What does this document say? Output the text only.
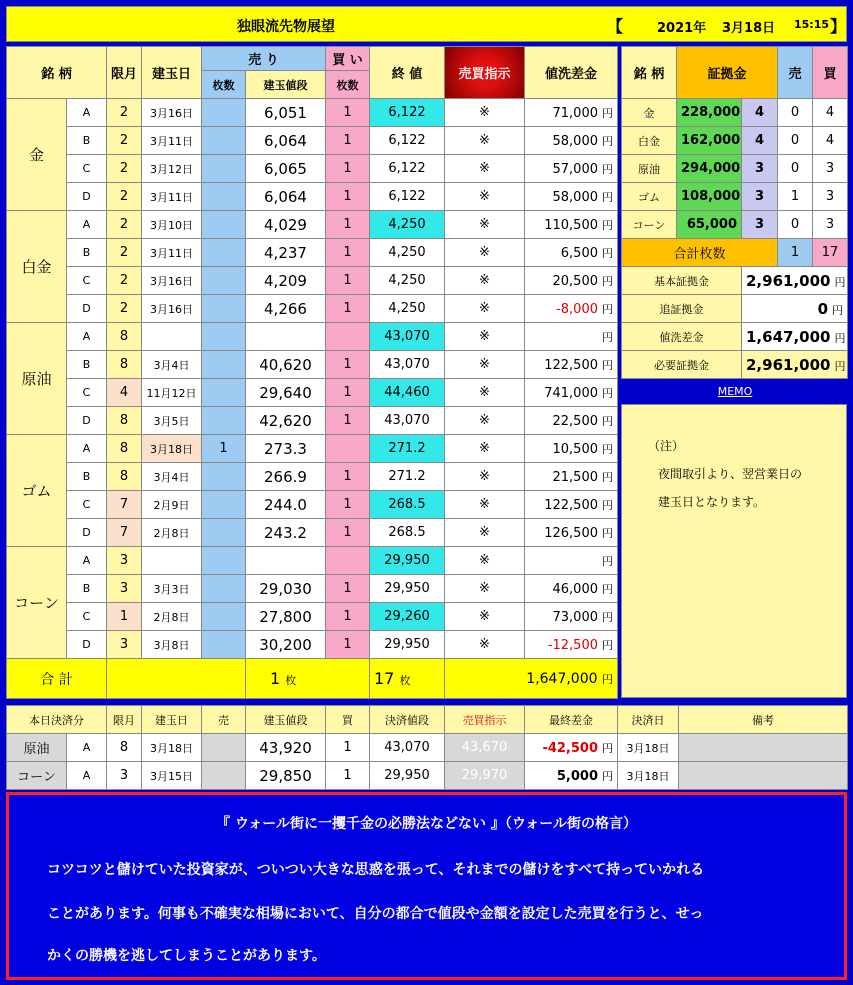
独眼流先物展望	【	2021年 3月18日 15:15 】
銘 柄		限月	建玉日	売 り		買 い	終 値	売買指示	値洗差金
				枚数	建玉値段	枚数			
金	A	2	3月16日		6,051	1	6,122	※	71,000 円
	B	2	3月11日		6,064	1	6,122	※	58,000 円
	C	2	3月12日		6,065	1	6,122	※	57,000 円
	D	2	3月11日		6,064	1	6,122	※	58,000 円
白金	A	2	3月10日		4,029	1	4,250	※	110,500 円
	B	2	3月11日		4,237	1	4,250	※	6,500 円
	C	2	3月16日		4,209	1	4,250	※	20,500 円
	D	2	3月16日		4,266	1	4,250	※	-8,000 円
原油	A	8					43,070	※	円
	B	8	3月4日		40,620	1	43,070	※	122,500 円
	C	4	11月12日		29,640	1	44,460	※	741,000 円
	D	8	3月5日		42,620	1	43,070	※	22,500 円
ゴム	A	8	3月18日	1	273.3		271.2	※	10,500 円
	B	8	3月4日		266.9	1	271.2	※	21,500 円
	C	7	2月9日		244.0	1	268.5	※	122,500 円
	D	7	2月8日		243.2	1	268.5	※	126,500 円
コーン	A	3					29,950	※	円
	B	3	3月3日		29,030	1	29,950	※	46,000 円
	C	1	2月8日		27,800	1	29,260	※	73,000 円
	D	3	3月8日		30,200	1	29,950	※	-12,500 円
合 計					1 枚		17 枚	1,647,000 円	
銘 柄	証拠金		売	買
金	228,000	4	0	4
白金	162,000	4	0	4
原油	294,000	3	0	3
ゴム	108,000	3	1	3
コーン	65,000	3	0	3
合計枚数			1	17
基本証拠金		2,961,000 円		
追証拠金		0 円		
値洗差金		1,647,000 円		
必要証拠金		2,961,000 円		
MEMO
（注）
夜間取引より、翌営業日の
建玉日となります。
本日決済分		限月	建玉日	売	建玉値段	買	決済値段	売買指示	最終差金	決済日	備考
原油	A	8	3月18日		43,920	1	43,070	43,670	-42,500 円	3月18日	
コーン	A	3	3月15日		29,850	1	29,950	29,970	5,000 円	3月18日	
『 ウォール街に一攫千金の必勝法などない 』（ウォール街の格言）
コツコツと儲けていた投資家が、ついつい大きな思惑を張って、それまでの儲けをすべて持っていかれる
ことがあります。何事も不確実な相場において、自分の都合で値段や金額を設定した売買を行うと、せっ
かくの勝機を逃してしまうことがあります。
